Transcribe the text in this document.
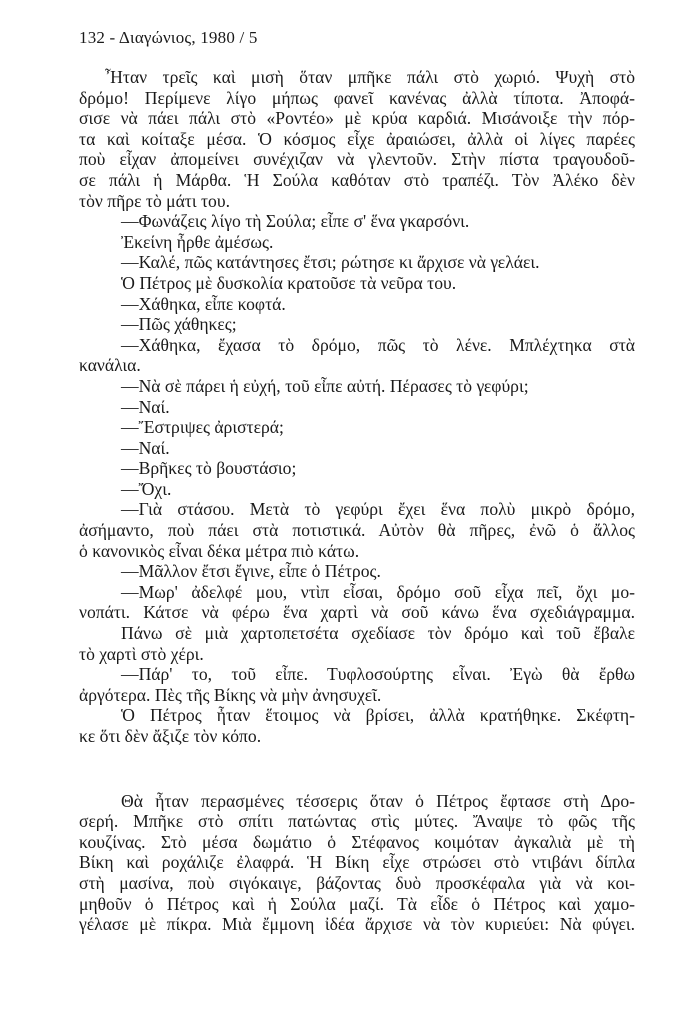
132 - Διαγώνιος, 1980 / 5
Ἦταν τρεῖς καὶ μισὴ ὅταν μπῆκε πάλι στὸ χωριό. Ψυχὴ στὸ
δρόμο! Περίμενε λίγο μήπως φανεῖ κανένας ἀλλὰ τίποτα. Ἀποφά-
σισε νὰ πάει πάλι στὸ «Ροντέο» μὲ κρύα καρδιά. Μισάνοιξε τὴν πόρ-
τα καὶ κοίταξε μέσα. Ὁ κόσμος εἶχε ἀραιώσει, ἀλλὰ οἱ λίγες παρέες
ποὺ εἶχαν ἀπομείνει συνέχιζαν νὰ γλεντοῦν. Στὴν πίστα τραγουδοῦ-
σε πάλι ἡ Μάρθα. Ἡ Σούλα καθόταν στὸ τραπέζι. Τὸν Ἀλέκο δὲν
τὸν πῆρε τὸ μάτι του.
—Φωνάζεις λίγο τὴ Σούλα; εἶπε σ' ἕνα γκαρσόνι.
Ἐκείνη ἦρθε ἀμέσως.
—Καλέ, πῶς κατάντησες ἔτσι; ρώτησε κι ἄρχισε νὰ γελάει.
Ὁ Πέτρος μὲ δυσκολία κρατοῦσε τὰ νεῦρα του.
—Χάθηκα, εἶπε κοφτά.
—Πῶς χάθηκες;
—Χάθηκα, ἔχασα τὸ δρόμο, πῶς τὸ λένε. Μπλέχτηκα στὰ
κανάλια.
—Νὰ σὲ πάρει ἡ εὐχή, τοῦ εἶπε αὐτή. Πέρασες τὸ γεφύρι;
—Ναί.
—Ἔστριψες ἀριστερά;
—Ναί.
—Βρῆκες τὸ βουστάσιο;
—Ὄχι.
—Γιὰ στάσου. Μετὰ τὸ γεφύρι ἔχει ἕνα πολὺ μικρὸ δρόμο,
ἀσήμαντο, ποὺ πάει στὰ ποτιστικά. Αὐτὸν θὰ πῆρες, ἐνῶ ὁ ἄλλος
ὁ κανονικὸς εἶναι δέκα μέτρα πιὸ κάτω.
—Μᾶλλον ἔτσι ἔγινε, εἶπε ὁ Πέτρος.
—Μωρ' ἀδελφέ μου, ντὶπ εἶσαι, δρόμο σοῦ εἶχα πεῖ, ὄχι μο-
νοπάτι. Κάτσε νὰ φέρω ἕνα χαρτὶ νὰ σοῦ κάνω ἕνα σχεδιάγραμμα.
Πάνω σὲ μιὰ χαρτοπετσέτα σχεδίασε τὸν δρόμο καὶ τοῦ ἔβαλε
τὸ χαρτὶ στὸ χέρι.
—Πάρ' το, τοῦ εἶπε. Τυφλοσούρτης εἶναι. Ἐγὼ θὰ ἔρθω
ἀργότερα. Πὲς τῆς Βίκης νὰ μὴν ἀνησυχεῖ.
Ὁ Πέτρος ἦταν ἕτοιμος νὰ βρίσει, ἀλλὰ κρατήθηκε. Σκέφτη-
κε ὅτι δὲν ἄξιζε τὸν κόπο.
Θὰ ἦταν περασμένες τέσσερις ὅταν ὁ Πέτρος ἔφτασε στὴ Δρο-
σερή. Μπῆκε στὸ σπίτι πατώντας στὶς μύτες. Ἄναψε τὸ φῶς τῆς
κουζίνας. Στὸ μέσα δωμάτιο ὁ Στέφανος κοιμόταν ἀγκαλιὰ μὲ τὴ
Βίκη καὶ ροχάλιζε ἐλαφρά. Ἡ Βίκη εἶχε στρώσει στὸ ντιβάνι δίπλα
στὴ μασίνα, ποὺ σιγόκαιγε, βάζοντας δυὸ προσκέφαλα γιὰ νὰ κοι-
μηθοῦν ὁ Πέτρος καὶ ἡ Σούλα μαζί. Τὰ εἶδε ὁ Πέτρος καὶ χαμο-
γέλασε μὲ πίκρα. Μιὰ ἔμμονη ἰδέα ἄρχισε νὰ τὸν κυριεύει: Νὰ φύγει.
